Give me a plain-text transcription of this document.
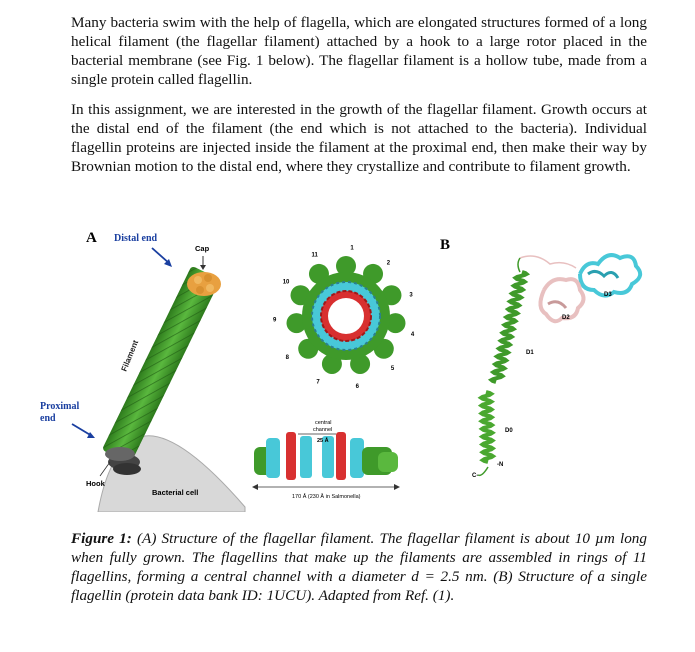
Many bacteria swim with the help of flagella, which are elongated structures formed of a long helical filament (the flagellar filament) attached by a hook to a large rotor placed in the bacterial membrane (see Fig. 1 below). The flagellar filament is a hollow tube, made from a single protein called flagellin.

In this assignment, we are interested in the growth of the flagellar filament. Growth occurs at the distal end of the filament (the end which is not attached to the bacteria). Individual flagellin proteins are injected inside the filament at the proximal end, then make their way by Brownian motion to the distal end, where they crystallize and contribute to filament growth.

A Distal end
Cap
Filament
Proximal
end
Hook
Bacterial cell
1
2
3
4
5
6
7
8
9
10
11
central
channel
25 Å
170 Å (230 Å in Salmonella)
B
D3
D2
D1
D0
-N
C-

Figure 1: (A) Structure of the flagellar filament. The flagellar filament is about 10 µm long when fully grown. The flagellins that make up the filaments are assembled in rings of 11 flagellins, forming a central channel with a diameter d = 2.5 nm. (B) Structure of a single flagellin (protein data bank ID: 1UCU). Adapted from Ref. (1).
